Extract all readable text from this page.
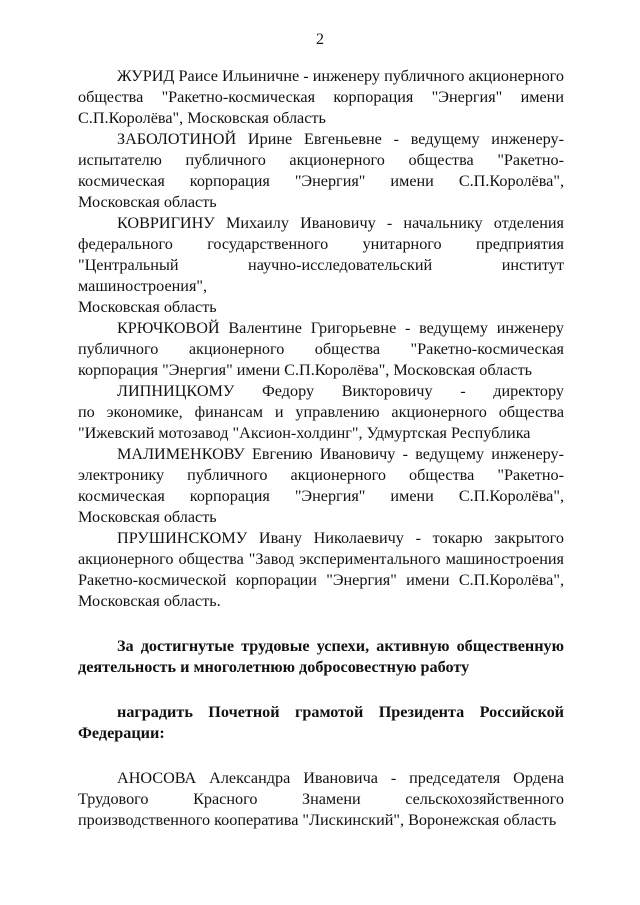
2

ЖУРИД Раисе Ильиничне - инженеру публичного акционерного
общества "Ракетно-космическая корпорация "Энергия" имени
С.П.Королёва", Московская область

ЗАБОЛОТИНОЙ Ирине Евгеньевне - ведущему инженеру-
испытателю публичного акционерного общества "Ракетно-
космическая корпорация "Энергия" имени С.П.Королёва",
Московская область

КОВРИГИНУ Михаилу Ивановичу - начальнику отделения
федерального государственного унитарного предприятия
"Центральный научно-исследовательский институт машиностроения",
Московская область

КРЮЧКОВОЙ Валентине Григорьевне - ведущему инженеру
публичного акционерного общества "Ракетно-космическая
корпорация "Энергия" имени С.П.Королёва", Московская область

ЛИПНИЦКОМУ Федору Викторовичу - директору
по экономике, финансам и управлению акционерного общества
"Ижевский мотозавод "Аксион-холдинг", Удмуртская Республика

МАЛИМЕНКОВУ Евгению Ивановичу - ведущему инженеру-
электронику публичного акционерного общества "Ракетно-
космическая корпорация "Энергия" имени С.П.Королёва",
Московская область

ПРУШИНСКОМУ Ивану Николаевичу - токарю закрытого
акционерного общества "Завод экспериментального машиностроения
Ракетно-космической корпорации "Энергия" имени С.П.Королёва",
Московская область.

За достигнутые трудовые успехи, активную общественную
деятельность и многолетнюю добросовестную работу

наградить Почетной грамотой Президента Российской
Федерации:

АНОСОВА Александра Ивановича - председателя Ордена
Трудового Красного Знамени сельскохозяйственного
производственного кооператива "Лискинский", Воронежская область
